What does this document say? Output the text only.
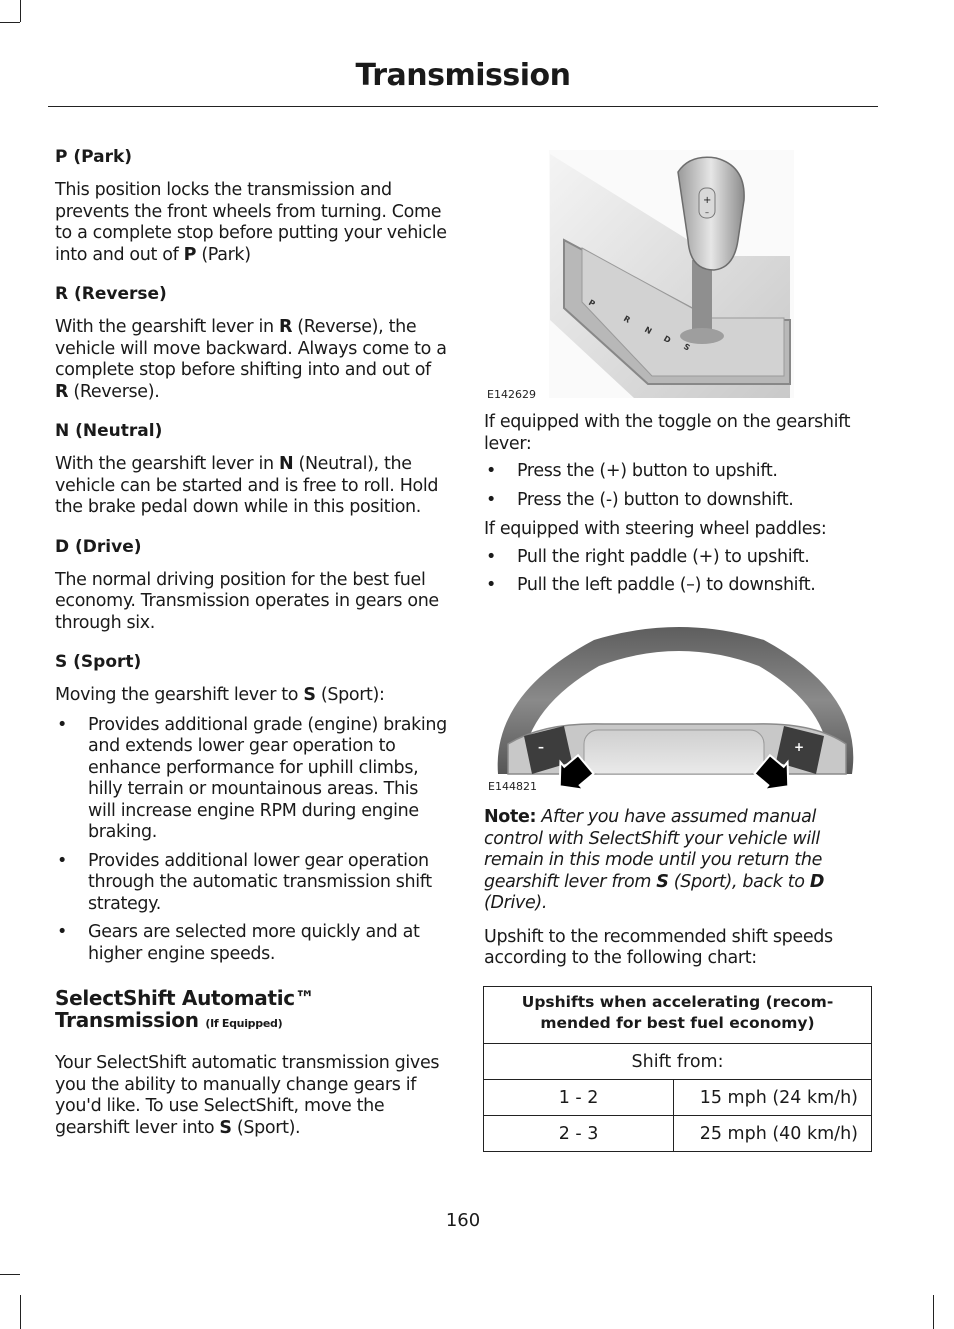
Transmission
P (Park)

This position locks the transmission and prevents the front wheels from turning. Come to a complete stop before putting your vehicle into and out of P (Park)

R (Reverse)

With the gearshift lever in R (Reverse), the vehicle will move backward. Always come to a complete stop before shifting into and out of R (Reverse).

N (Neutral)

With the gearshift lever in N (Neutral), the vehicle can be started and is free to roll. Hold the brake pedal down while in this position.

D (Drive)

The normal driving position for the best fuel economy. Transmission operates in gears one through six.

S (Sport)

Moving the gearshift lever to S (Sport):

• Provides additional grade (engine) braking and extends lower gear operation to enhance performance for uphill climbs, hilly terrain or mountainous areas. This will increase engine RPM during engine braking.
• Provides additional lower gear operation through the automatic transmission shift strategy.
• Gears are selected more quickly and at higher engine speeds.
SelectShift Automatic™ Transmission (If Equipped)

Your SelectShift automatic transmission gives you the ability to manually change gears if you'd like. To use SelectShift, move the gearshift lever into S (Sport).

+
–
P
R
N
D
S
E142629

If equipped with the toggle on the gearshift lever:

• Press the (+) button to upshift.
• Press the (-) button to downshift.

If equipped with steering wheel paddles:

• Pull the right paddle (+) to upshift.
• Pull the left paddle (–) to downshift.
–	+
E144821

Note: After you have assumed manual control with SelectShift your vehicle will remain in this mode until you return the gearshift lever from S (Sport), back to D (Drive).

Upshift to the recommended shift speeds according to the following chart:

Upshifts when accelerating (recom-mended for best fuel economy)	
Shift from:	
1 - 2	15 mph (24 km/h)
2 - 3	25 mph (40 km/h)
160
